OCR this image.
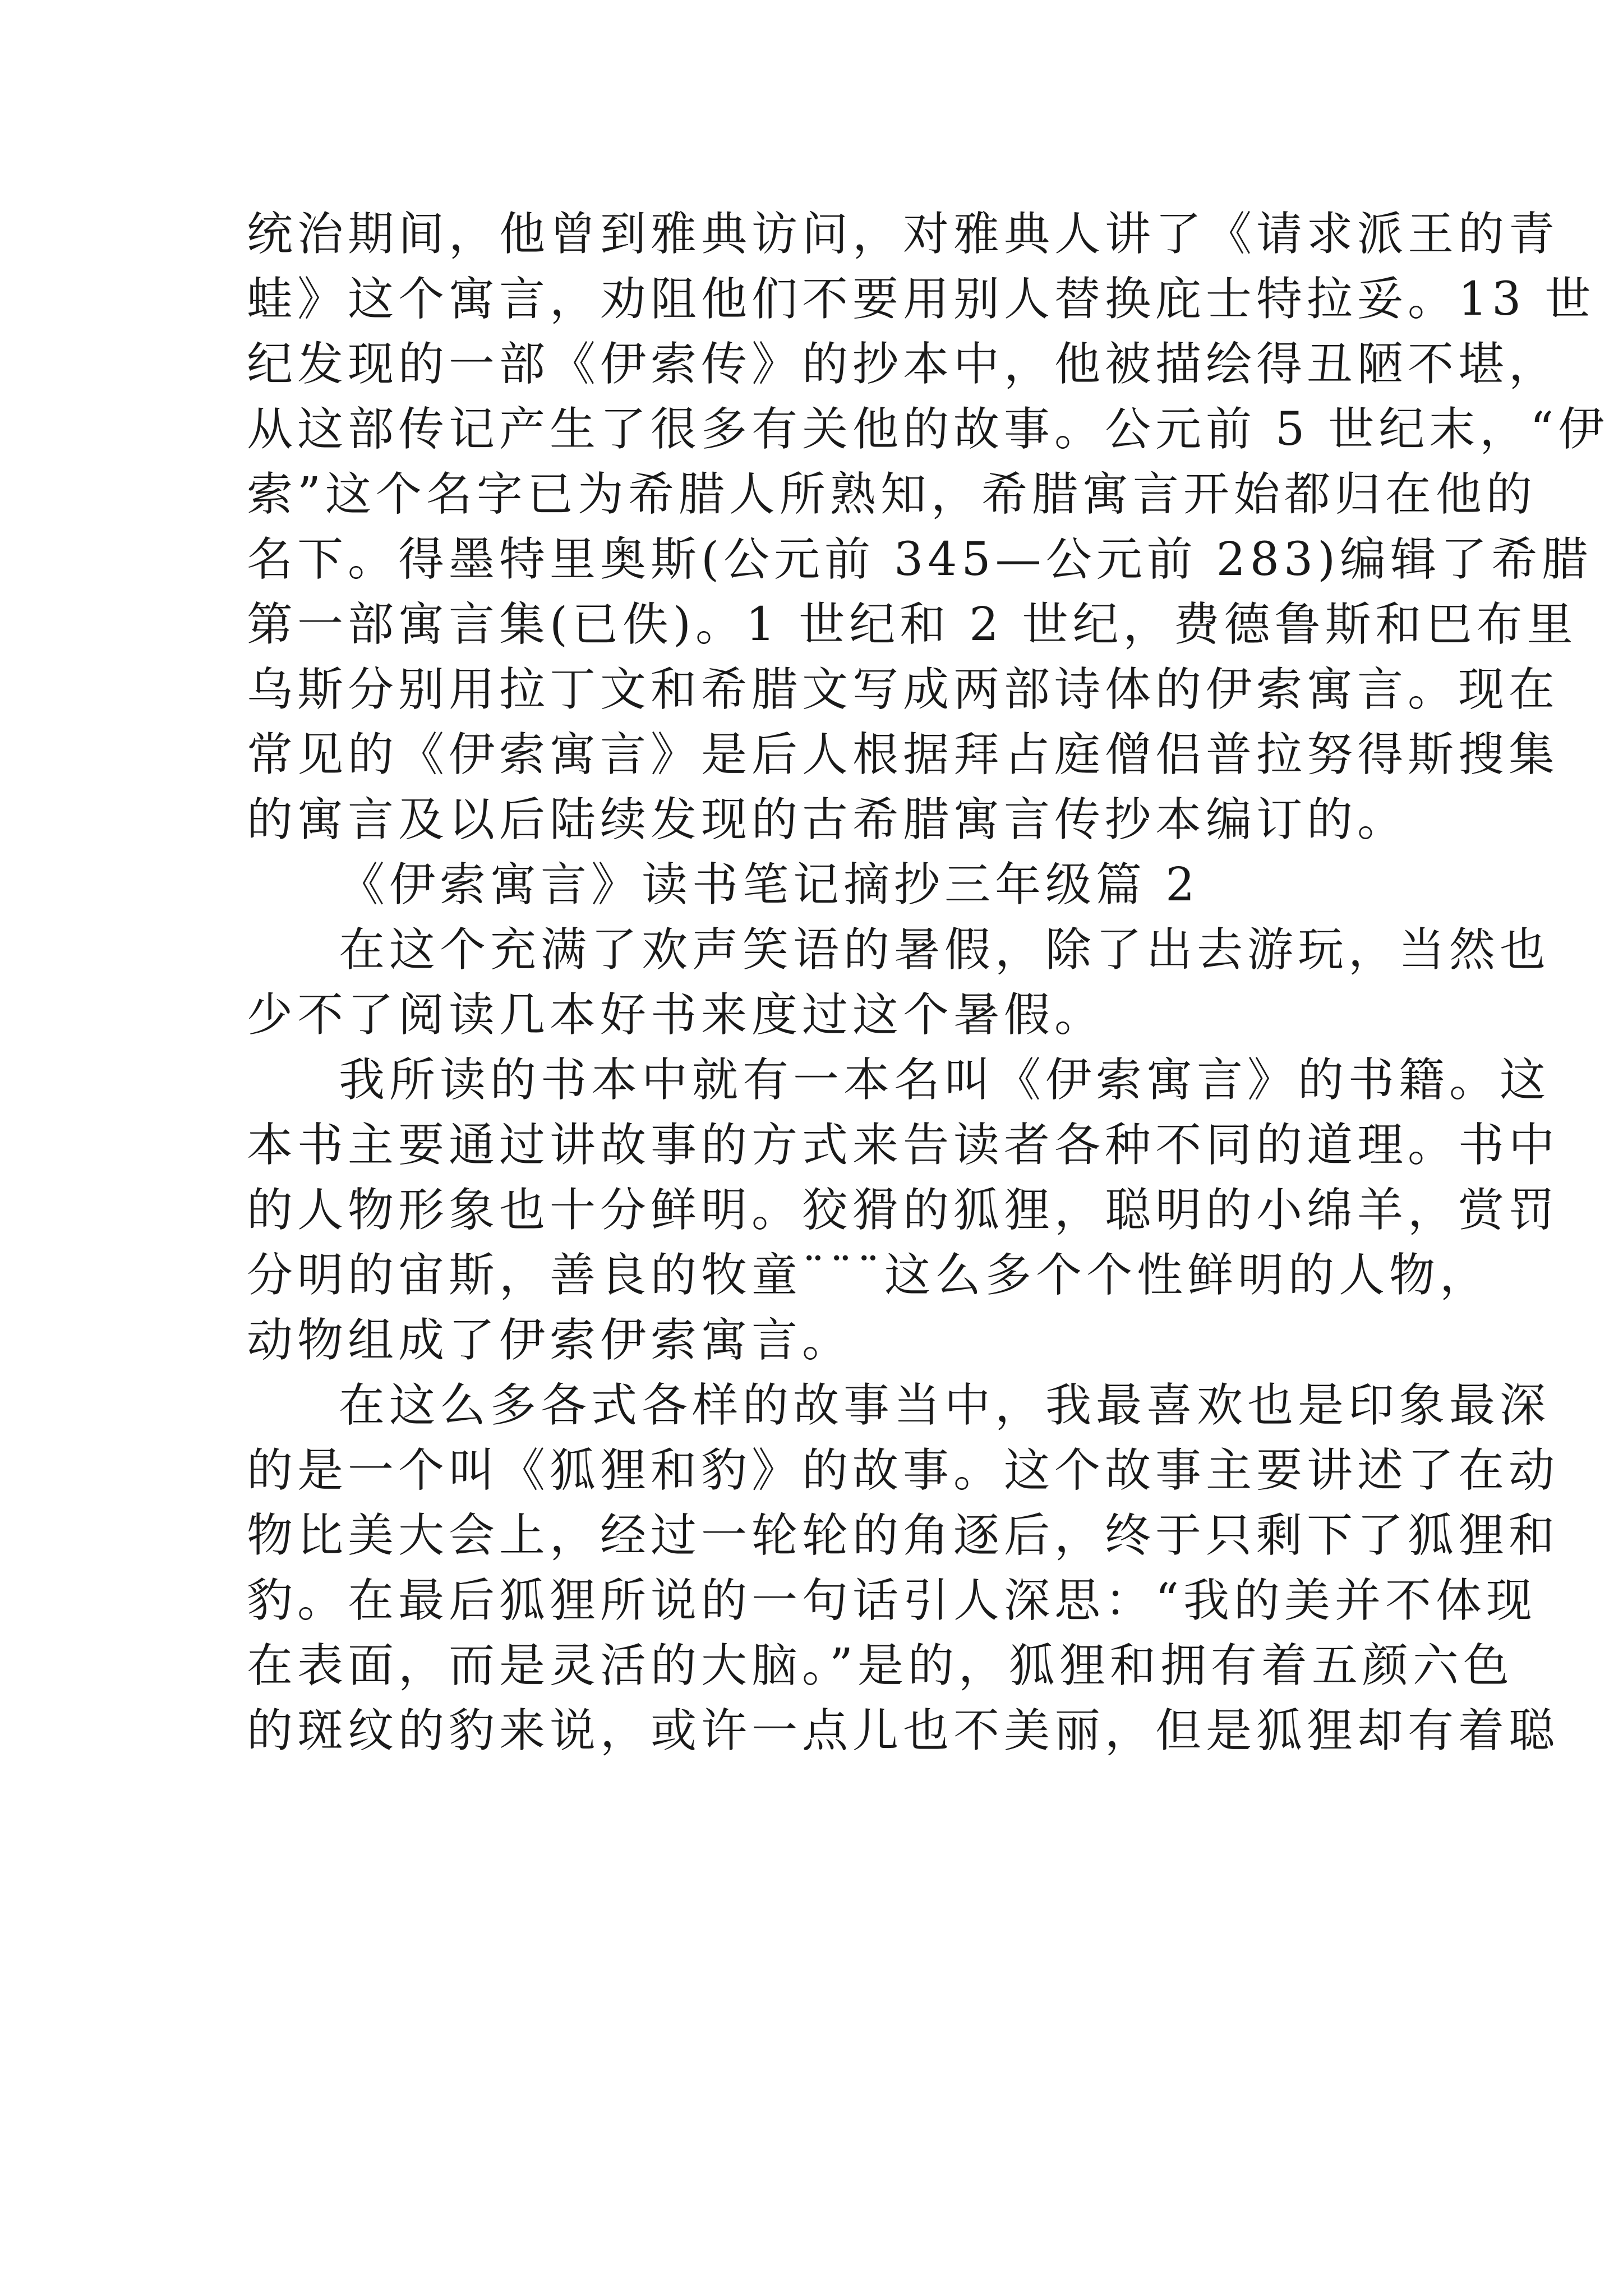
统治期间，他曾到雅典访问，对雅典人讲了《请求派王的青
蛙》这个寓言，劝阻他们不要用别人替换庇士特拉妥。13 世
纪发现的一部《伊索传》的抄本中，他被描绘得丑陋不堪，
从这部传记产生了很多有关他的故事。公元前 5 世纪末，“伊
索”这个名字已为希腊人所熟知，希腊寓言开始都归在他的
名下。得墨特里奥斯(公元前 345—公元前 283)编辑了希腊
第一部寓言集(已佚)。1 世纪和 2 世纪，费德鲁斯和巴布里
乌斯分别用拉丁文和希腊文写成两部诗体的伊索寓言。现在
常见的《伊索寓言》是后人根据拜占庭僧侣普拉努得斯搜集
的寓言及以后陆续发现的古希腊寓言传抄本编订的。
《伊索寓言》读书笔记摘抄三年级篇 2
在这个充满了欢声笑语的暑假，除了出去游玩，当然也
少不了阅读几本好书来度过这个暑假。
我所读的书本中就有一本名叫《伊索寓言》的书籍。这
本书主要通过讲故事的方式来告读者各种不同的道理。书中
的人物形象也十分鲜明。狡猾的狐狸，聪明的小绵羊，赏罚
分明的宙斯，善良的牧童¨¨¨这么多个个性鲜明的人物，
动物组成了伊索伊索寓言。
在这么多各式各样的故事当中，我最喜欢也是印象最深
的是一个叫《狐狸和豹》的故事。这个故事主要讲述了在动
物比美大会上，经过一轮轮的角逐后，终于只剩下了狐狸和
豹。在最后狐狸所说的一句话引人深思：“我的美并不体现
在表面，而是灵活的大脑。”是的，狐狸和拥有着五颜六色
的斑纹的豹来说，或许一点儿也不美丽，但是狐狸却有着聪
